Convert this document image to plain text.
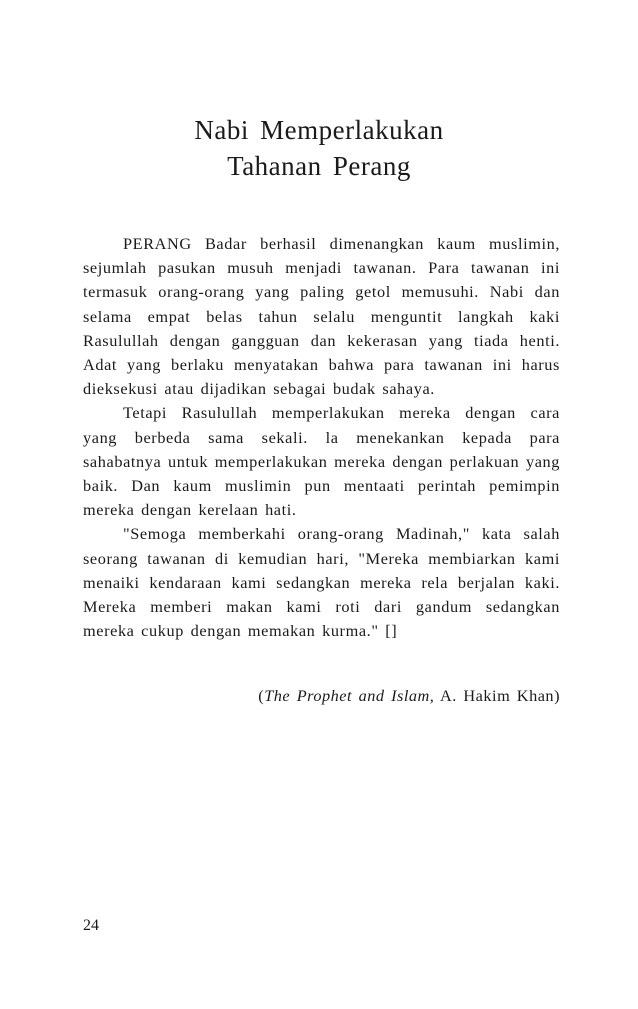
Nabi Memperlakukan
Tahanan Perang

PERANG Badar berhasil dimenangkan kaum muslimin, sejumlah pasukan musuh menjadi tawanan. Para tawanan ini termasuk orang-orang yang paling getol memusuhi. Nabi dan selama empat belas tahun selalu menguntit langkah kaki Rasulullah dengan gangguan dan kekerasan yang tiada henti. Adat yang berlaku menyatakan bahwa para tawanan ini harus dieksekusi atau dijadikan sebagai budak sahaya.

Tetapi Rasulullah memperlakukan mereka dengan cara yang berbeda sama sekali. la menekankan kepada para sahabatnya untuk memperlakukan mereka dengan perlakuan yang baik. Dan kaum muslimin pun mentaati perintah pemimpin mereka dengan kerelaan hati.

"Semoga memberkahi orang-orang Madinah," kata salah seorang tawanan di kemudian hari, "Mereka membiarkan kami menaiki kendaraan kami sedangkan mereka rela berjalan kaki. Mereka memberi makan kami roti dari gandum sedangkan mereka cukup dengan memakan kurma." []

(The Prophet and Islam, A. Hakim Khan)
24
